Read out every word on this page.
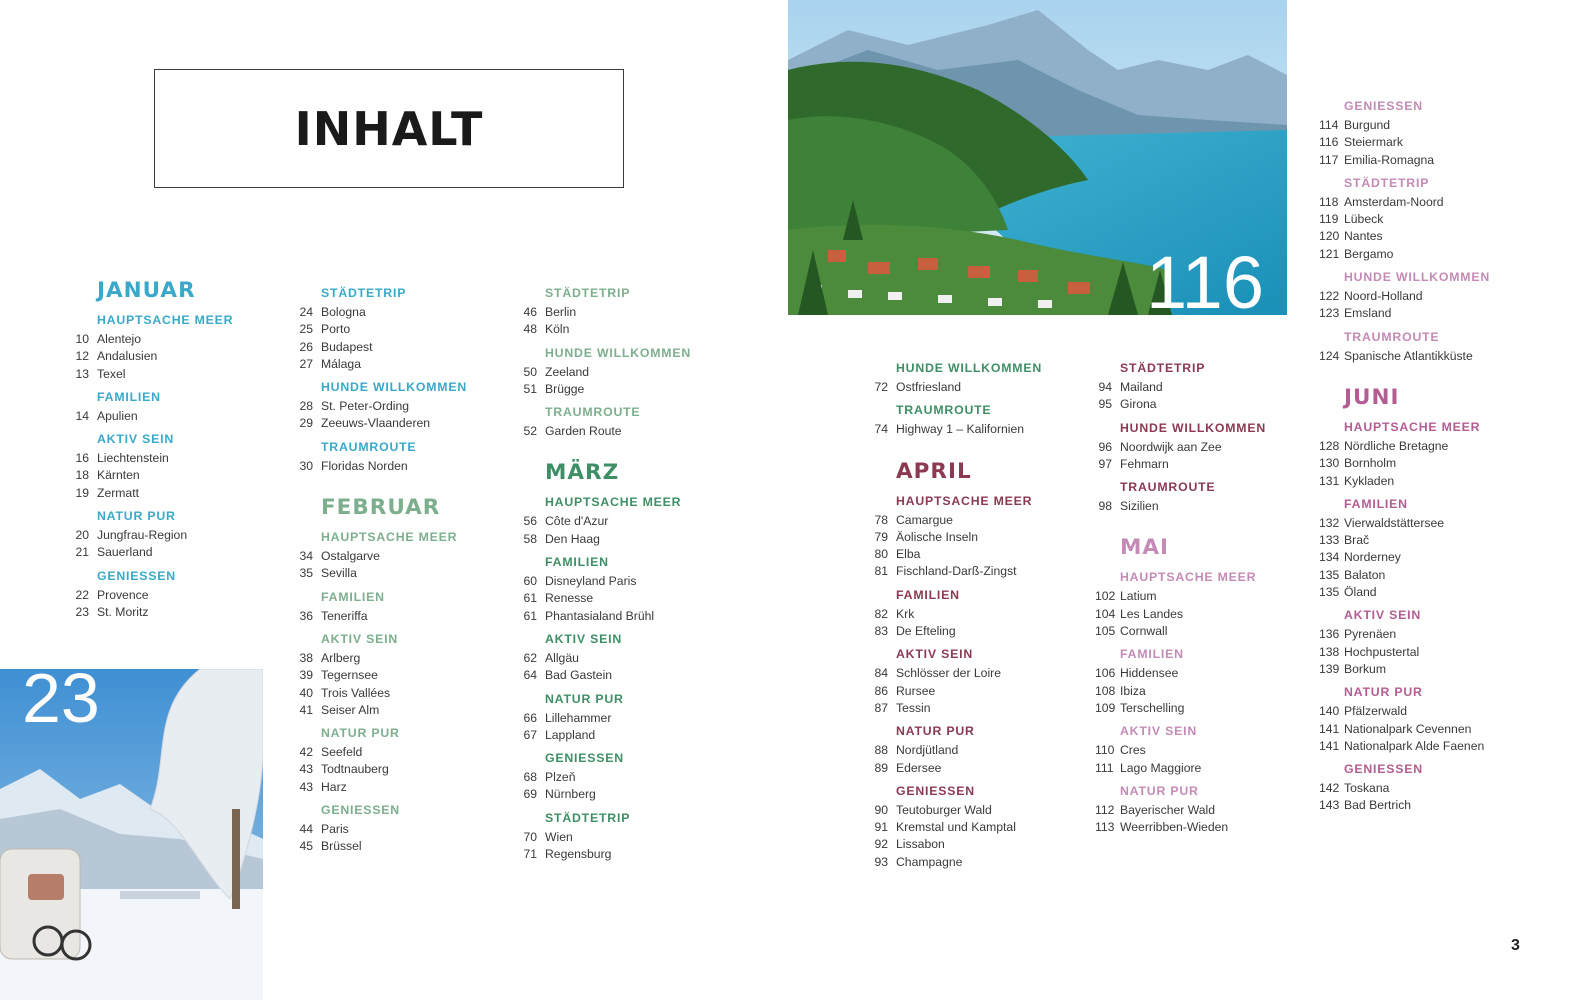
INHALT
116
23
JANUAR
HAUPTSACHE MEER
10 Alentejo
12 Andalusien
13 Texel
FAMILIEN
14 Apulien
AKTIV SEIN
16 Liechtenstein
18 Kärnten
19 Zermatt
NATUR PUR
20 Jungfrau-Region
21 Sauerland
GENIESSEN
22 Provence
23 St. Moritz
STÄDTETRIP
24 Bologna
25 Porto
26 Budapest
27 Málaga
HUNDE WILLKOMMEN
28 St. Peter-Ording
29 Zeeuws-Vlaanderen
TRAUMROUTE
30 Floridas Norden
FEBRUAR
HAUPTSACHE MEER
34 Ostalgarve
35 Sevilla
FAMILIEN
36 Teneriffa
AKTIV SEIN
38 Arlberg
39 Tegernsee
40 Trois Vallées
41 Seiser Alm
NATUR PUR
42 Seefeld
43 Todtnauberg
43 Harz
GENIESSEN
44 Paris
45 Brüssel
STÄDTETRIP
46 Berlin
48 Köln
HUNDE WILLKOMMEN
50 Zeeland
51 Brügge
TRAUMROUTE
52 Garden Route
MÄRZ
HAUPTSACHE MEER
56 Côte d'Azur
58 Den Haag
FAMILIEN
60 Disneyland Paris
61 Renesse
61 Phantasialand Brühl
AKTIV SEIN
62 Allgäu
64 Bad Gastein
NATUR PUR
66 Lillehammer
67 Lappland
GENIESSEN
68 Plzeň
69 Nürnberg
STÄDTETRIP
70 Wien
71 Regensburg
HUNDE WILLKOMMEN
72 Ostfriesland
TRAUMROUTE
74 Highway 1 – Kalifornien
APRIL
HAUPTSACHE MEER
78 Camargue
79 Äolische Inseln
80 Elba
81 Fischland-Darß-Zingst
FAMILIEN
82 Krk
83 De Efteling
AKTIV SEIN
84 Schlösser der Loire
86 Rursee
87 Tessin
NATUR PUR
88 Nordjütland
89 Edersee
GENIESSEN
90 Teutoburger Wald
91 Kremstal und Kamptal
92 Lissabon
93 Champagne
STÄDTETRIP
94 Mailand
95 Girona
HUNDE WILLKOMMEN
96 Noordwijk aan Zee
97 Fehmarn
TRAUMROUTE
98 Sizilien
MAI
HAUPTSACHE MEER
102 Latium
104 Les Landes
105 Cornwall
FAMILIEN
106 Hiddensee
108 Ibiza
109 Terschelling
AKTIV SEIN
110 Cres
111 Lago Maggiore
NATUR PUR
112 Bayerischer Wald
113 Weerribben-Wieden
GENIESSEN
114 Burgund
116 Steiermark
117 Emilia-Romagna
STÄDTETRIP
118 Amsterdam-Noord
119 Lübeck
120 Nantes
121 Bergamo
HUNDE WILLKOMMEN
122 Noord-Holland
123 Emsland
TRAUMROUTE
124 Spanische Atlantikküste
JUNI
HAUPTSACHE MEER
128 Nördliche Bretagne
130 Bornholm
131 Kykladen
FAMILIEN
132 Vierwaldstättersee
133 Brač
134 Norderney
135 Balaton
135 Öland
AKTIV SEIN
136 Pyrenäen
138 Hochpustertal
139 Borkum
NATUR PUR
140 Pfälzerwald
141 Nationalpark Cevennen
141 Nationalpark Alde Faenen
GENIESSEN
142 Toskana
143 Bad Bertrich
3
